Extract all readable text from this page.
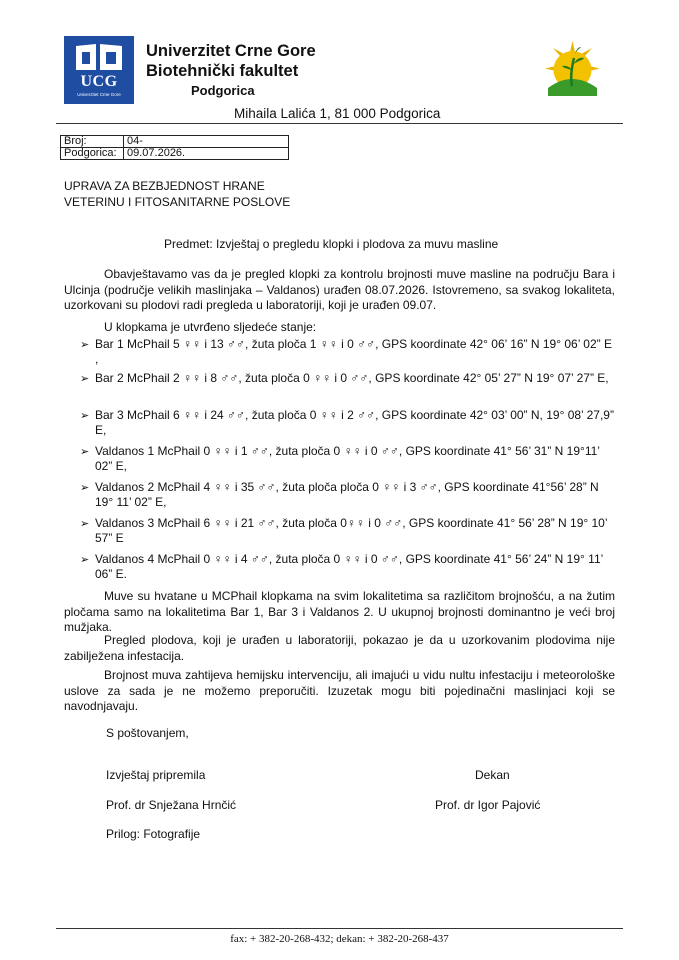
UCG
Univerzitet Crne Gore
Univerzitet Crne Gore
Biotehnički fakultet
Podgorica
Mihaila Lalića 1, 81 000 Podgorica
Broj:	04-
Podgorica:	09.07.2026.
UPRAVA ZA BEZBJEDNOST HRANE
VETERINU I FITOSANITARNE POSLOVE
Predmet: Izvještaj o pregledu klopki i plodova za muvu masline
Obavještavamo vas da je pregled klopki za kontrolu brojnosti muve masline na području Bara i Ulcinja (područje velikih maslinjaka – Valdanos) urađen 08.07.2026. Istovremeno, sa svakog lokaliteta, uzorkovani su plodovi radi pregleda u laboratoriji, koji je urađen 09.07.
U klopkama je utvrđeno sljedeće stanje:
➢ Bar 1 McPhail 5 ♀♀ i 13 ♂♂, žuta ploča 1 ♀♀ i 0 ♂♂, GPS koordinate 42° 06’ 16” N 19° 06’ 02” E ,
➢ Bar 2 McPhail 2 ♀♀ i 8 ♂♂, žuta ploča 0 ♀♀ i 0 ♂♂, GPS koordinate 42° 05’ 27” N 19° 07’ 27” E,
➢ Bar 3 McPhail 6 ♀♀ i 24 ♂♂, žuta ploča 0 ♀♀ i 2 ♂♂, GPS koordinate 42° 03’ 00” N, 19° 08’ 27,9” E,
➢ Valdanos 1 McPhail 0 ♀♀ i 1 ♂♂, žuta ploča 0 ♀♀ i 0 ♂♂, GPS koordinate 41° 56’ 31” N 19°11’ 02” E,
➢ Valdanos 2 McPhail 4 ♀♀ i 35 ♂♂, žuta ploča ploča 0 ♀♀ i 3 ♂♂, GPS koordinate 41°56’ 28” N 19° 11’ 02” E,
➢ Valdanos 3 McPhail 6 ♀♀ i 21 ♂♂, žuta ploča 0♀♀ i 0 ♂♂, GPS koordinate 41° 56’ 28” N 19° 10’ 57” E
➢ Valdanos 4 McPhail 0 ♀♀ i 4 ♂♂, žuta ploča 0 ♀♀ i 0 ♂♂, GPS koordinate 41° 56’ 24” N 19° 11’ 06” E.
Muve su hvatane u MCPhail klopkama na svim lokalitetima sa različitom brojnošću, a na žutim pločama samo na lokalitetima Bar 1, Bar 3 i Valdanos 2. U ukupnoj brojnosti dominantno je veći broj mužjaka.
Pregled plodova, koji je urađen u laboratoriji, pokazao je da u uzorkovanim plodovima nije zabilježena infestacija.
Brojnost muva zahtijeva hemijsku intervenciju, ali imajući u vidu nultu infestaciju i meteorološke uslove za sada je ne možemo preporučiti. Izuzetak mogu biti pojedinačni maslinjaci koji se navodnjavaju.
S poštovanjem,
Izvještaj pripremila	Dekan
Prof. dr Snježana Hrnčić	Prof. dr Igor Pajović
Prilog: Fotografije
fax: + 382-20-268-432; dekan: + 382-20-268-437
